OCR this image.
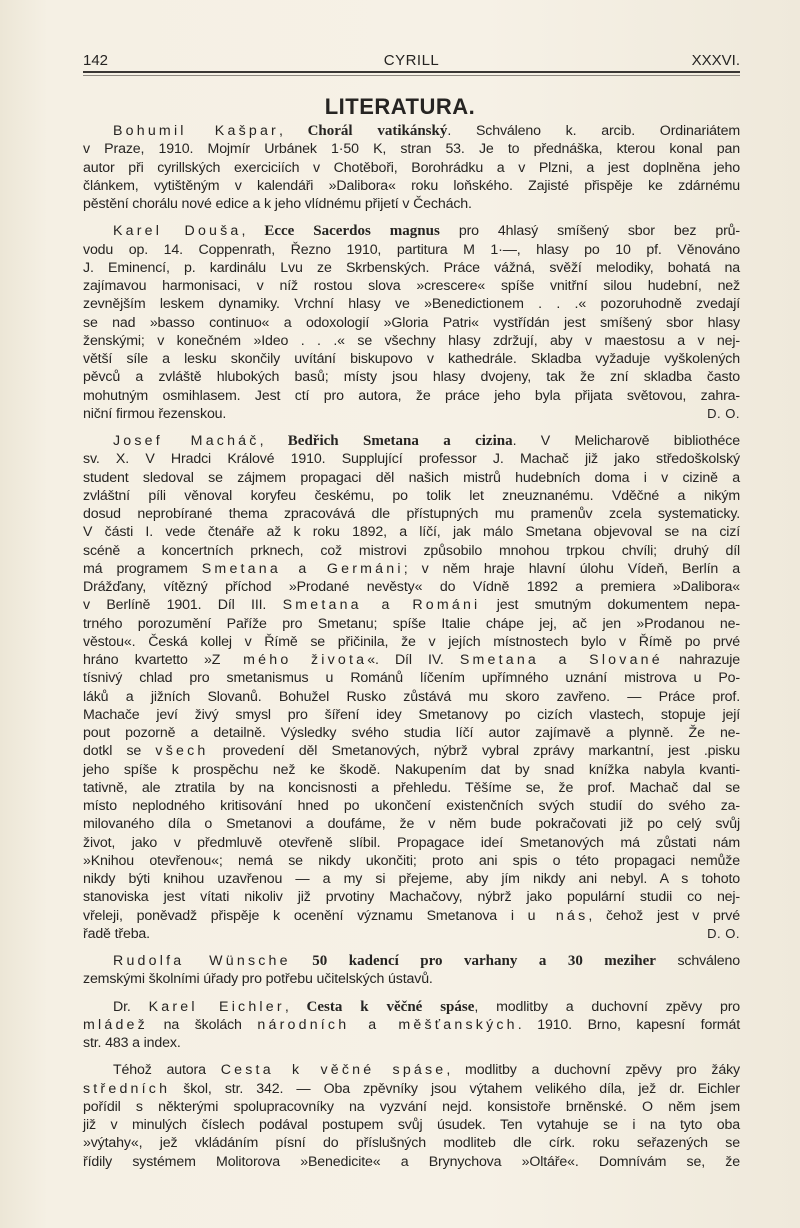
CYRILL
142	XXXVI.
LITERATURA.
Bohumil Kašpar, Chorál vatikánský. Schváleno k. arcib. Ordinariátem
v Praze, 1910. Mojmír Urbánek 1·50 K, stran 53. Je to přednáška, kterou konal pan
autor při cyrillských exerciciích v Chotěboři, Borohrádku a v Plzni, a jest doplněna jeho
článkem, vytištěným v kalendáři »Dalibora« roku loňského. Zajisté přispěje ke zdárnému
pěstění chorálu nové edice a k jeho vlídnému přijetí v Čechách.
Karel Douša, Ecce Sacerdos magnus pro 4hlasý smíšený sbor bez prů-
vodu op. 14. Coppenrath, Řezno 1910, partitura M 1·—, hlasy po 10 pf. Věnováno
J. Eminencí, p. kardinálu Lvu ze Skrbenských. Práce vážná, svěží melodiky, bohatá na
zajímavou harmonisaci, v níž rostou slova »crescere« spíše vnitřní silou hudební, než
zevnějším leskem dynamiky. Vrchní hlasy ve »Benedictionem . . .« pozoruhodně zvedají
se nad »basso continuo« a odoxologií »Gloria Patri« vystřídán jest smíšený sbor hlasy
ženskými; v konečném »Ideo . . .« se všechny hlasy zdržují, aby v maestosu a v nej-
větší síle a lesku skončily uvítání biskupovo v kathedrále. Skladba vyžaduje vyškolených
pěvců a zvláště hlubokých basů; místy jsou hlasy dvojeny, tak že zní skladba často
mohutným osmihlasem. Jest ctí pro autora, že práce jeho byla přijata světovou, zahra-
niční firmou řezenskou.	D. O.
Josef Macháč, Bedřich Smetana a cizina. V Melicharově bibliothéce
sv. X. V Hradci Králové 1910. Supplující professor J. Machač již jako středoškolský
student sledoval se zájmem propagaci děl našich mistrů hudebních doma i v cizině a
zvláštní píli věnoval koryfeu českému, po tolik let zneuznanému. Vděčné a nikým
dosud neprobírané thema zpracovává dle přístupných mu pramenův zcela systematicky.
V části I. vede čtenáře až k roku 1892, a líčí, jak málo Smetana objevoval se na cizí
scéně a koncertních prknech, což mistrovi způsobilo mnohou trpkou chvíli; druhý díl
má programem Smetana a Germáni; v něm hraje hlavní úlohu Vídeň, Berlín a
Drážďany, vítězný příchod »Prodané nevěsty« do Vídně 1892 a premiera »Dalibora«
v Berlíně 1901. Díl III. Smetana a Románi jest smutným dokumentem nepa-
trného porozumění Paříže pro Smetanu; spíše Italie chápe jej, ač jen »Prodanou ne-
věstou«. Česká kollej v Římě se přičinila, že v jejích místnostech bylo v Římě po prvé
hráno kvartetto »Z mého života«. Díl IV. Smetana a Slované nahrazuje
tísnivý chlad pro smetanismus u Románů líčením upřímného uznání mistrova u Po-
láků a jižních Slovanů. Bohužel Rusko zůstává mu skoro zavřeno. — Práce prof.
Machače jeví živý smysl pro šíření idey Smetanovy po cizích vlastech, stopuje její
pout pozorně a detailně. Výsledky svého studia líčí autor zajímavě a plynně. Že ne-
dotkl se všech provedení děl Smetanových, nýbrž vybral zprávy markantní, jest .pisku
jeho spíše k prospěchu než ke škodě. Nakupením dat by snad knížka nabyla kvanti-
tativně, ale ztratila by na koncisnosti a přehledu. Těšíme se, že prof. Machač dal se
místo neplodného kritisování hned po ukončení existenčních svých studií do svého za-
milovaného díla o Smetanovi a doufáme, že v něm bude pokračovati již po celý svůj
život, jako v předmluvě otevřeně slíbil. Propagace ideí Smetanových má zůstati nám
»Knihou otevřenou«; nemá se nikdy ukončiti; proto ani spis o této propagaci nemůže
nikdy býti knihou uzavřenou — a my si přejeme, aby jím nikdy ani nebyl. A s tohoto
stanoviska jest vítati nikoliv již prvotiny Machačovy, nýbrž jako populární studii co nej-
vřeleji, poněvadž přispěje k ocenění významu Smetanova i u nás, čehož jest v prvé
řadě třeba.	D. O.
Rudolfa Wünsche 50 kadencí pro varhany a 30 meziher schváleno
zemskými školními úřady pro potřebu učitelských ústavů.
Dr. Karel Eichler, Cesta k věčné spáse, modlitby a duchovní zpěvy pro
mládež na školách národních a měšťanských. 1910. Brno, kapesní formát
str. 483 a index.
Téhož autora Cesta k věčné spáse, modlitby a duchovní zpěvy pro žáky
středních škol, str. 342. — Oba zpěvníky jsou výtahem velikého díla, jež dr. Eichler
pořídil s některými spolupracovníky na vyzvání nejd. konsistoře brněnské. O něm jsem
již v minulých číslech podával postupem svůj úsudek. Ten vytahuje se i na tyto oba
»výtahy«, jež vkládáním písní do příslušných modliteb dle círk. roku seřazených se
řídily systémem Molitorova »Benedicite« a Brynychova »Oltáře«. Domnívám se, že
